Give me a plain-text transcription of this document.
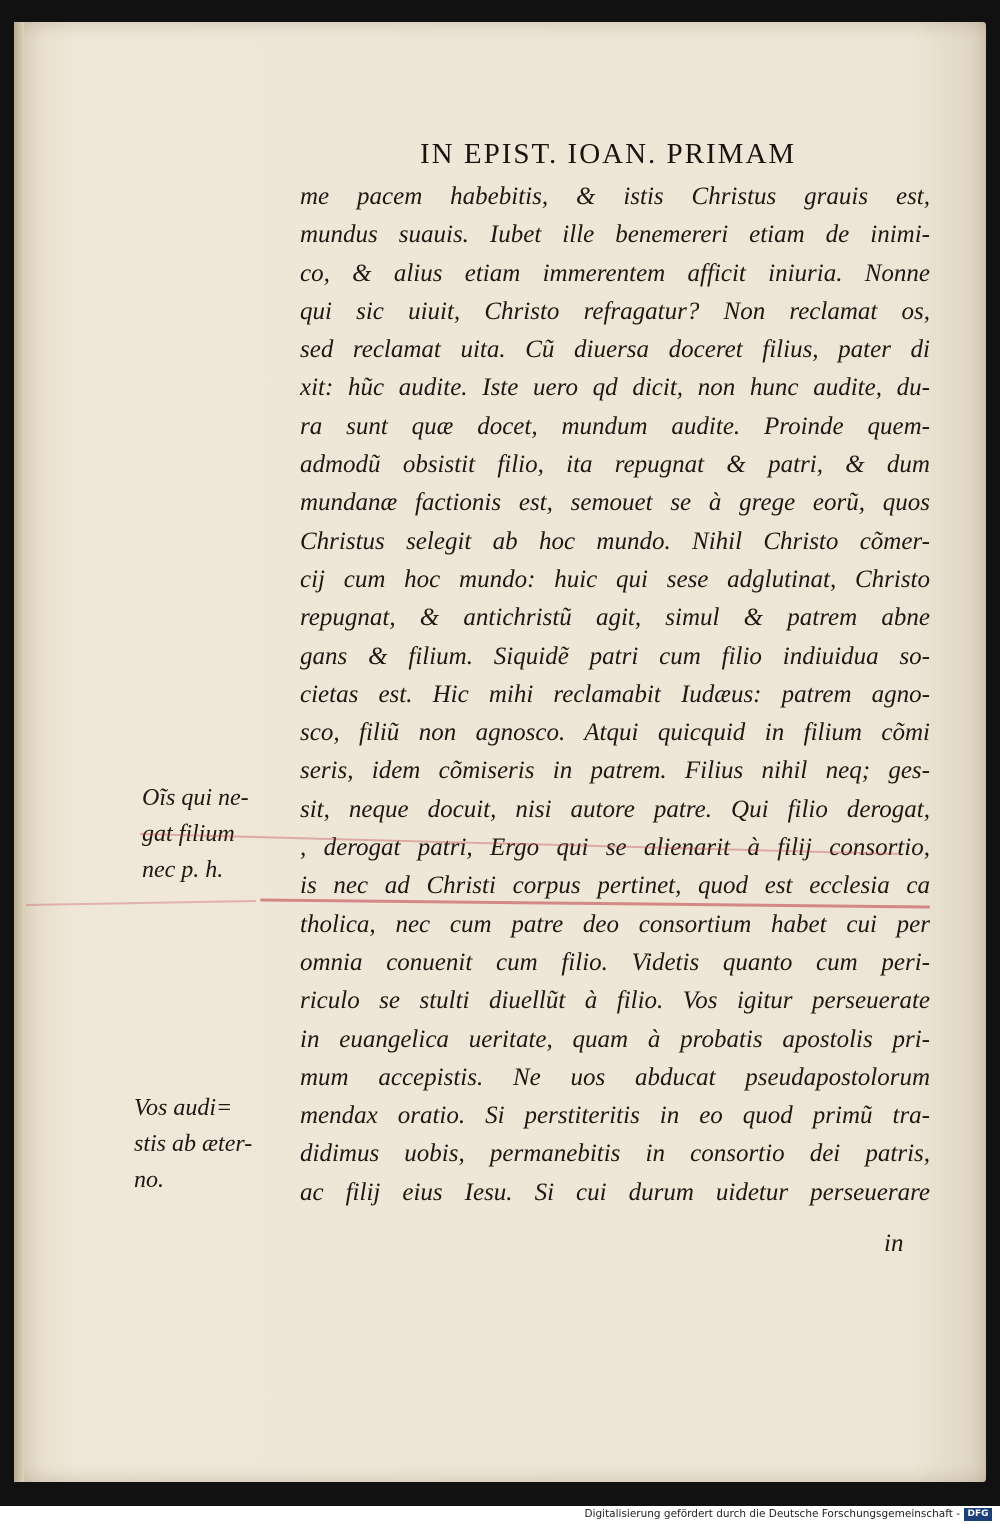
IN EPIST. IOAN. PRIMAM
me pacem habebitis, & istis Christus grauis est,
mundus suauis. Iubet ille benemereri etiam de inimi-
co, & alius etiam immerentem afficit iniuria. Nonne
qui sic uiuit, Christo refragatur? Non reclamat os,
sed reclamat uita. Cũ diuersa doceret filius, pater di
xit: hũc audite. Iste uero qd dicit, non hunc audite, du-
ra sunt quæ docet, mundum audite. Proinde quem-
admodũ obsistit filio, ita repugnat & patri, & dum
mundanæ factionis est, semouet se à grege eorũ, quos
Christus selegit ab hoc mundo. Nihil Christo cõmer-
cij cum hoc mundo: huic qui sese adglutinat, Christo
repugnat, & antichristũ agit, simul & patrem abne
gans & filium. Siquidẽ patri cum filio indiuidua so-
cietas est. Hic mihi reclamabit Iudæus: patrem agno-
sco, filiũ non agnosco. Atqui quicquid in filium cõmi
seris, idem cõmiseris in patrem. Filius nihil neq; ges-
sit, neque docuit, nisi autore patre. Qui filio derogat,
, derogat patri, Ergo qui se alienarit à filij consortio,
is nec ad Christi corpus pertinet, quod est ecclesia ca
tholica, nec cum patre deo consortium habet cui per
omnia conuenit cum filio. Videtis quanto cum peri-
riculo se stulti diuellũt à filio. Vos igitur perseuerate
in euangelica ueritate, quam à probatis apostolis pri-
mum accepistis. Ne uos abducat pseudapostolorum
mendax oratio. Si perstiteritis in eo quod primũ tra-
didimus uobis, permanebitis in consortio dei patris,
ac filij eius Iesu. Si cui durum uidetur perseuerare
in
Oĩs qui ne-
gat filium
nec p. h.
Vos audi=
stis ab æter-
no.
Digitalisierung gefördert durch die Deutsche Forschungsgemeinschaft - DFG
